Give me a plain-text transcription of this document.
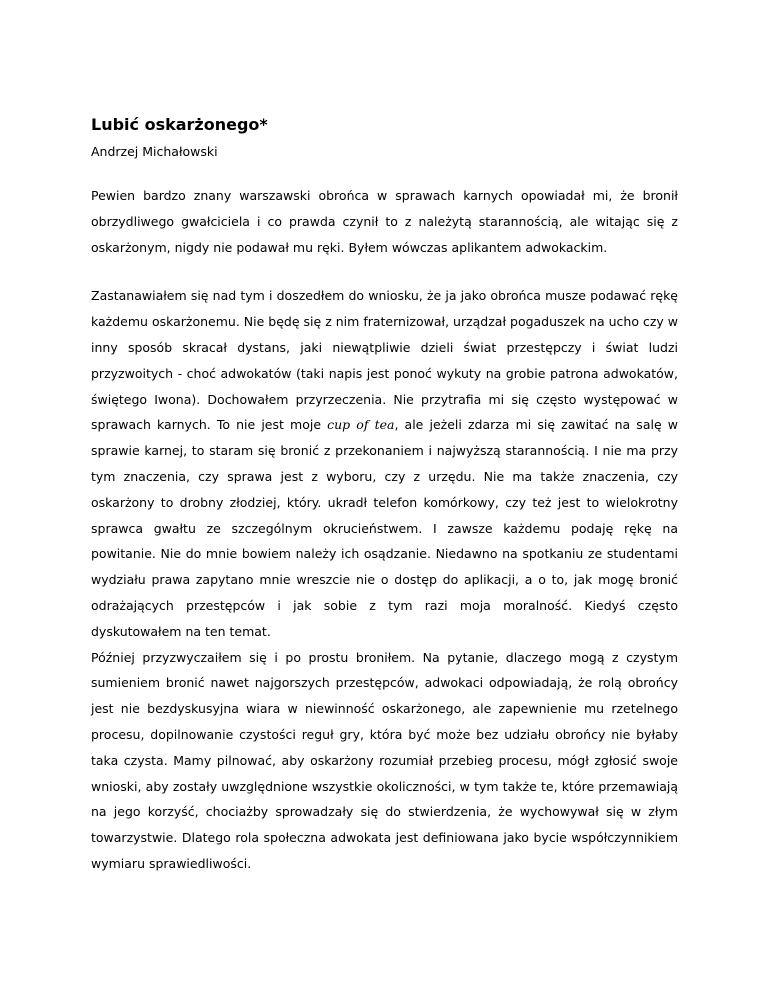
Lubić oskarżonego*
Andrzej Michałowski

Pewien bardzo znany warszawski obrońca w sprawach karnych opowiadał mi, że bronił obrzydliwego gwałciciela i co prawda czynił to z należytą starannością, ale witając się z oskarżonym, nigdy nie podawał mu ręki. Byłem wówczas aplikantem adwokackim.

Zastanawiałem się nad tym i doszedłem do wniosku, że ja jako obrońca musze podawać rękę każdemu oskarżonemu. Nie będę się z nim fraternizował, urządzał pogaduszek na ucho czy w inny sposób skracał dystans, jaki niewątpliwie dzieli świat przestępczy i świat ludzi przyzwoitych - choć adwokatów (taki napis jest ponoć wykuty na grobie patrona adwokatów, świętego Iwona). Dochowałem przyrzeczenia. Nie przytrafia mi się często występować w sprawach karnych. To nie jest moje cup of tea, ale jeżeli zdarza mi się zawitać na salę w sprawie karnej, to staram się bronić z przekonaniem i najwyższą starannością. I nie ma przy tym znaczenia, czy sprawa jest z wyboru, czy z urzędu. Nie ma także znaczenia, czy oskarżony to drobny złodziej, który. ukradł telefon komórkowy, czy też jest to wielokrotny sprawca gwałtu ze szczególnym okrucieństwem. I zawsze każdemu podaję rękę na powitanie. Nie do mnie bowiem należy ich osądzanie. Niedawno na spotkaniu ze studentami wydziału prawa zapytano mnie wreszcie nie o dostęp do aplikacji, a o to, jak mogę bronić odrażających przestępców i jak sobie z tym razi moja moralność. Kiedyś często dyskutowałem na ten temat.

Później przyzwyczaiłem się i po prostu broniłem. Na pytanie, dlaczego mogą z czystym sumieniem bronić nawet najgorszych przestępców, adwokaci odpowiadają, że rolą obrońcy jest nie bezdyskusyjna wiara w niewinność oskarżonego, ale zapewnienie mu rzetelnego procesu, dopilnowanie czystości reguł gry, która być może bez udziału obrońcy nie byłaby taka czysta. Mamy pilnować, aby oskarżony rozumiał przebieg procesu, mógł zgłosić swoje wnioski, aby zostały uwzględnione wszystkie okoliczności, w tym także te, które przemawiają na jego korzyść, chociażby sprowadzały się do stwierdzenia, że wychowywał się w złym towarzystwie. Dlatego rola społeczna adwokata jest definiowana jako bycie współczynnikiem wymiaru sprawiedliwości.
